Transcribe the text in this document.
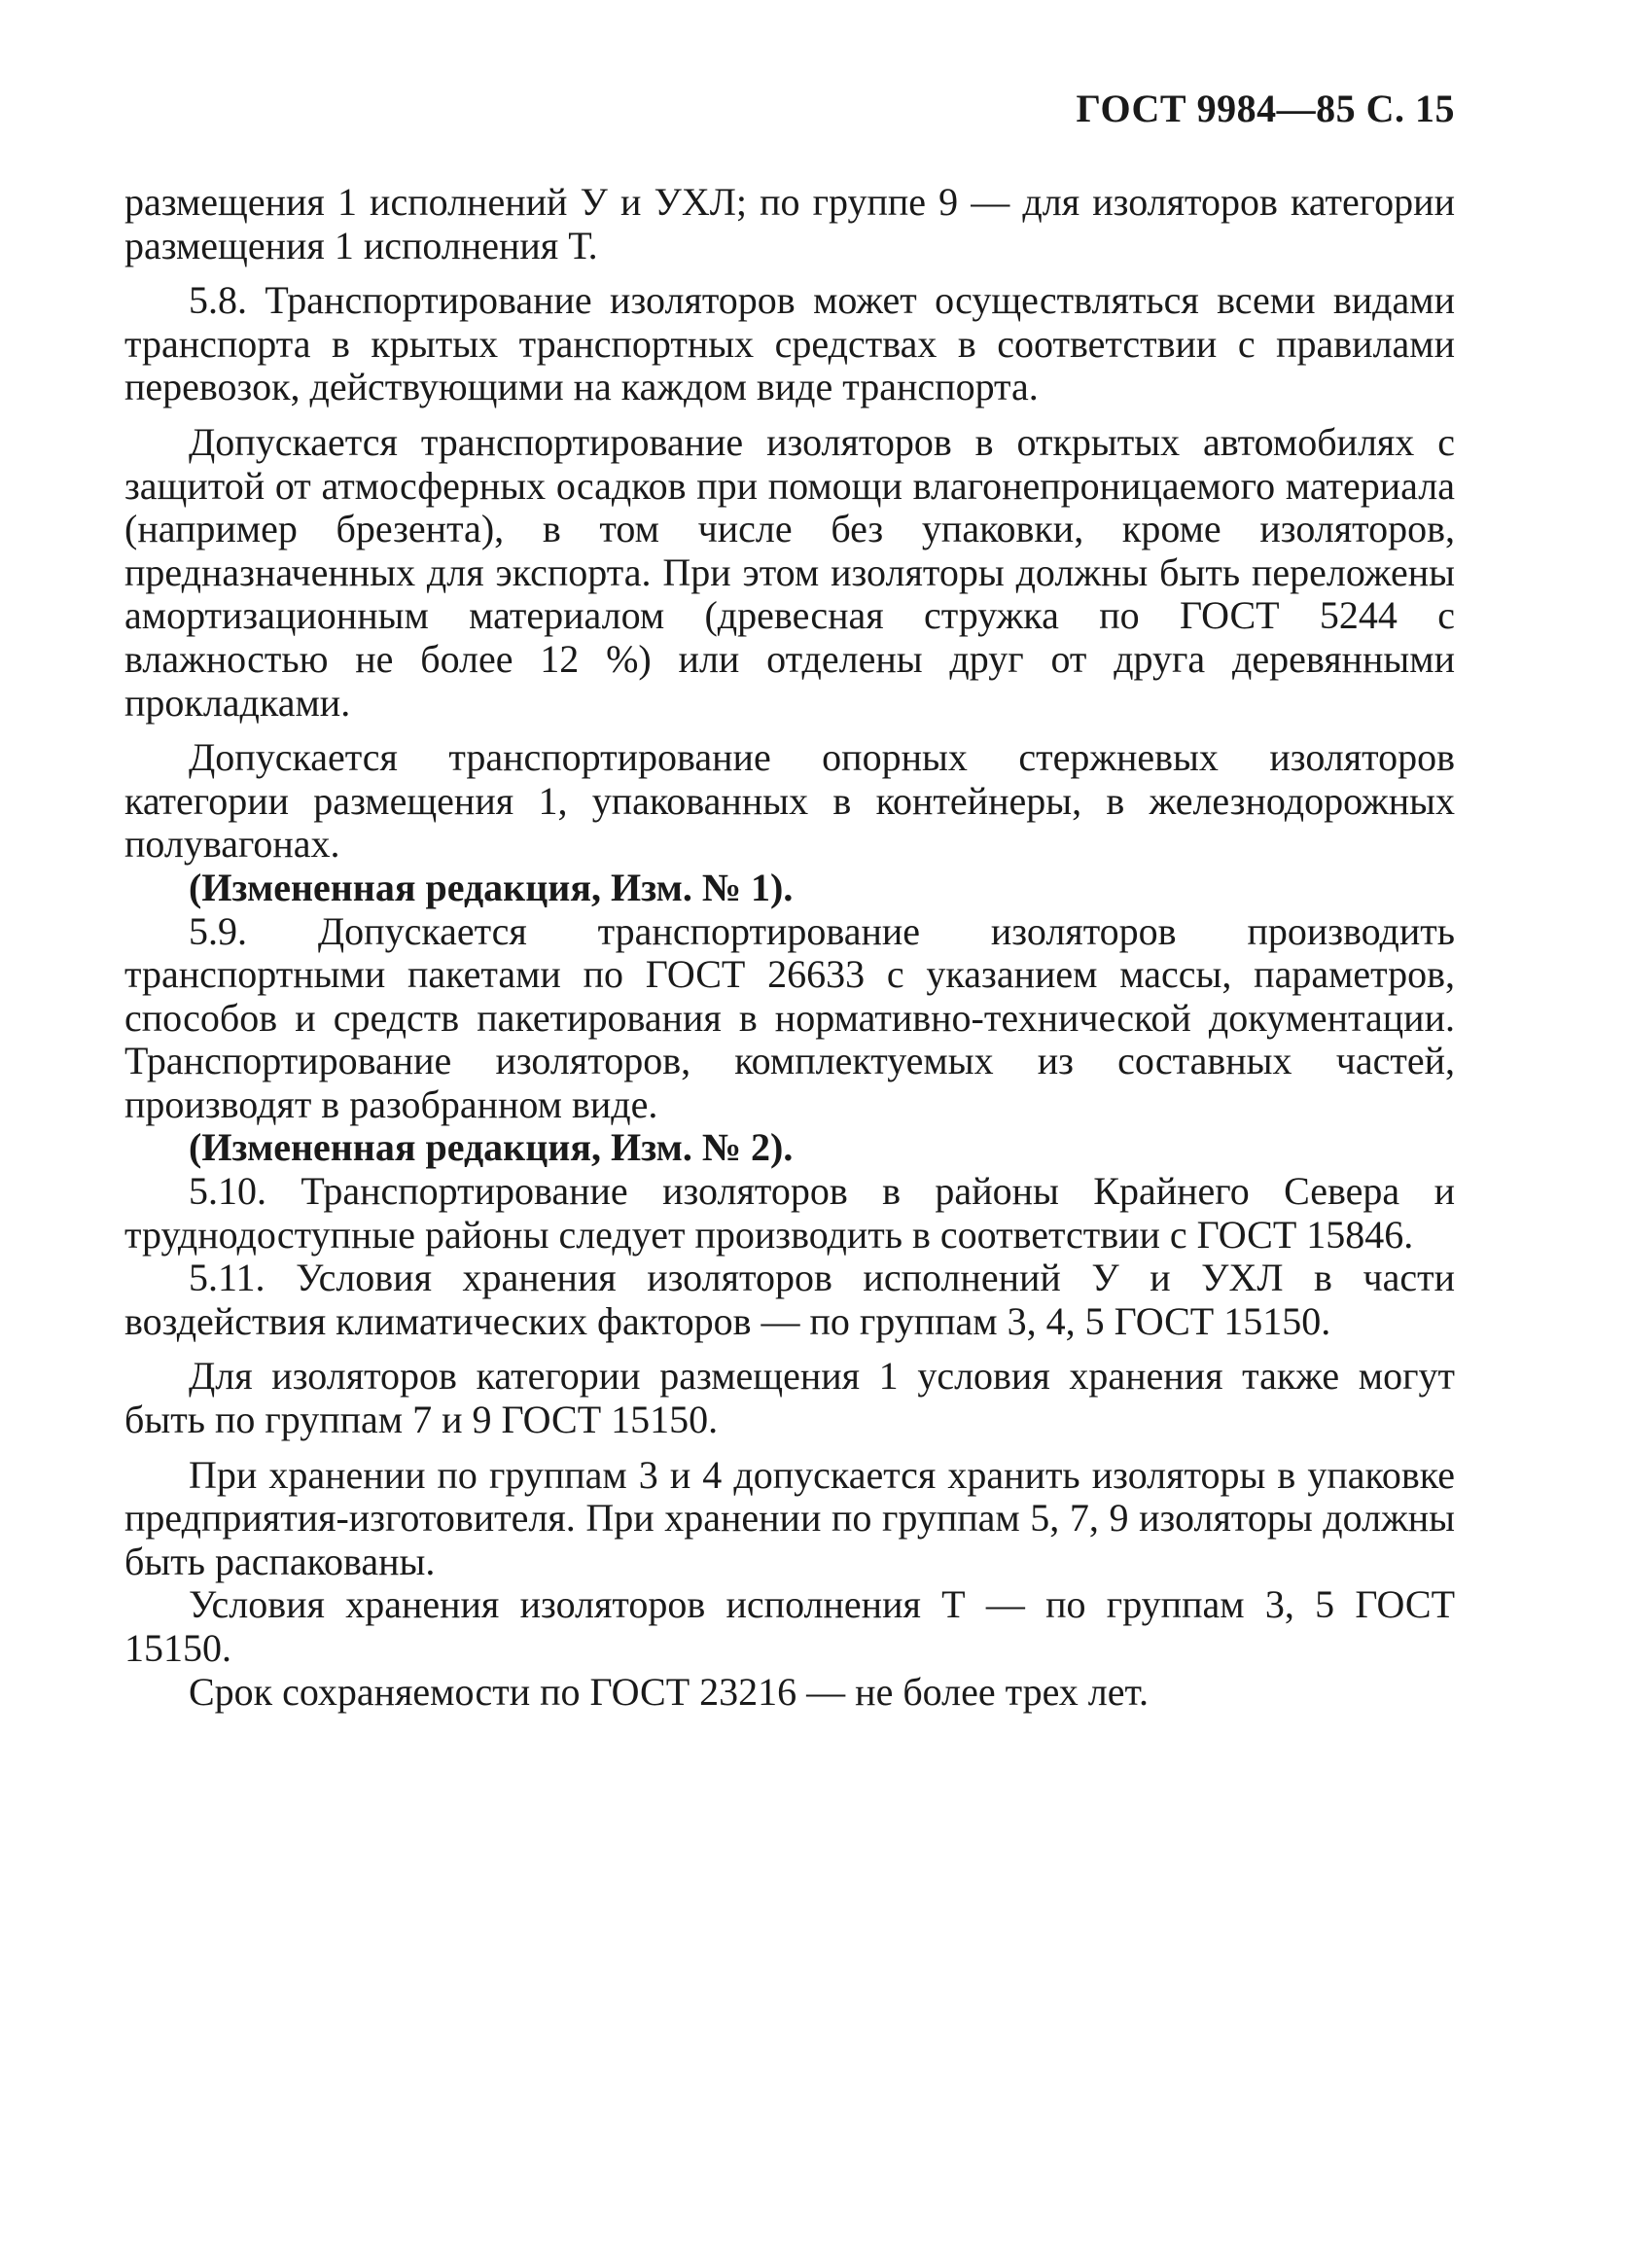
ГОСТ 9984—85 С. 15

размещения 1 исполнений У и УХЛ; по группе 9 — для изоляторов категории размещения 1 исполнения Т.

5.8. Транспортирование изоляторов может осуществляться всеми видами транспорта в крытых транспортных средствах в соответствии с правилами перевозок, действующими на каждом виде транспорта.

Допускается транспортирование изоляторов в открытых автомобилях с защитой от атмосферных осадков при помощи влагонепроницаемого материала (например брезента), в том числе без упаковки, кроме изоляторов, предназначенных для экспорта. При этом изоляторы должны быть переложены амортизационным материалом (древесная стружка по ГОСТ 5244 с влажностью не более 12 %) или отделены друг от друга деревянными прокладками.

Допускается транспортирование опорных стержневых изоляторов категории размещения 1, упакованных в контейнеры, в железнодорожных полувагонах.

(Измененная редакция, Изм. № 1).

5.9. Допускается транспортирование изоляторов производить транспортными пакетами по ГОСТ 26633 с указанием массы, параметров, способов и средств пакетирования в нормативно-технической документации. Транспортирование изоляторов, комплектуемых из составных частей, производят в разобранном виде.

(Измененная редакция, Изм. № 2).

5.10. Транспортирование изоляторов в районы Крайнего Севера и труднодоступные районы следует производить в соответствии с ГОСТ 15846.

5.11. Условия хранения изоляторов исполнений У и УХЛ в части воздействия климатических факторов — по группам 3, 4, 5 ГОСТ 15150.

Для изоляторов категории размещения 1 условия хранения также могут быть по группам 7 и 9 ГОСТ 15150.

При хранении по группам 3 и 4 допускается хранить изоляторы в упаковке предприятия-изготовителя. При хранении по группам 5, 7, 9 изоляторы должны быть распакованы.

Условия хранения изоляторов исполнения Т — по группам 3, 5 ГОСТ 15150.

Срок сохраняемости по ГОСТ 23216 — не более трех лет.
